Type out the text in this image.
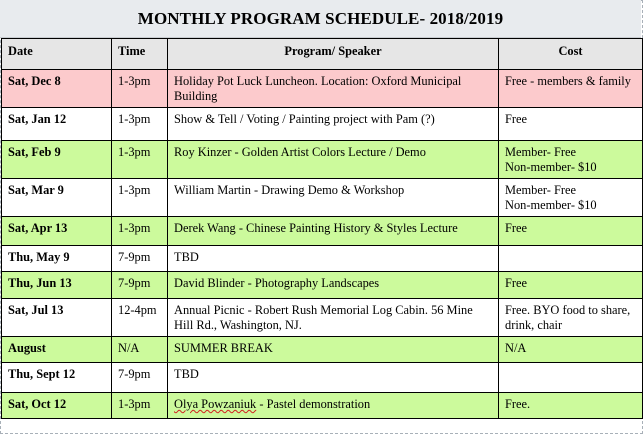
MONTHLY PROGRAM SCHEDULE- 2018/2019
Date	Time	Program/ Speaker	Cost
Sat, Dec 8	1-3pm	Holiday Pot Luck Luncheon. Location: Oxford Municipal Building	Free - members & family
Sat, Jan 12	1-3pm	Show & Tell / Voting / Painting project with Pam (?)	Free
Sat, Feb 9	1-3pm	Roy Kinzer - Golden Artist Colors Lecture / Demo	Member- Free
Non-member- $10

Sat, Mar 9	1-3pm	William Martin - Drawing Demo & Workshop	Member- Free
Non-member- $10

Sat, Apr 13	1-3pm	Derek Wang - Chinese Painting History & Styles Lecture	Free
Thu, May 9	7-9pm	TBD	
Thu, Jun 13	7-9pm	David Blinder - Photography Landscapes	Free
Sat, Jul 13	12-4pm	Annual Picnic - Robert Rush Memorial Log Cabin. 56 Mine Hill Rd., Washington, NJ.	Free. BYO food to share, drink, chair
August	N/A	SUMMER BREAK	N/A
Thu, Sept 12	7-9pm	TBD	
Sat, Oct 12	1-3pm	Olya Powzaniuk - Pastel demonstration	Free.
